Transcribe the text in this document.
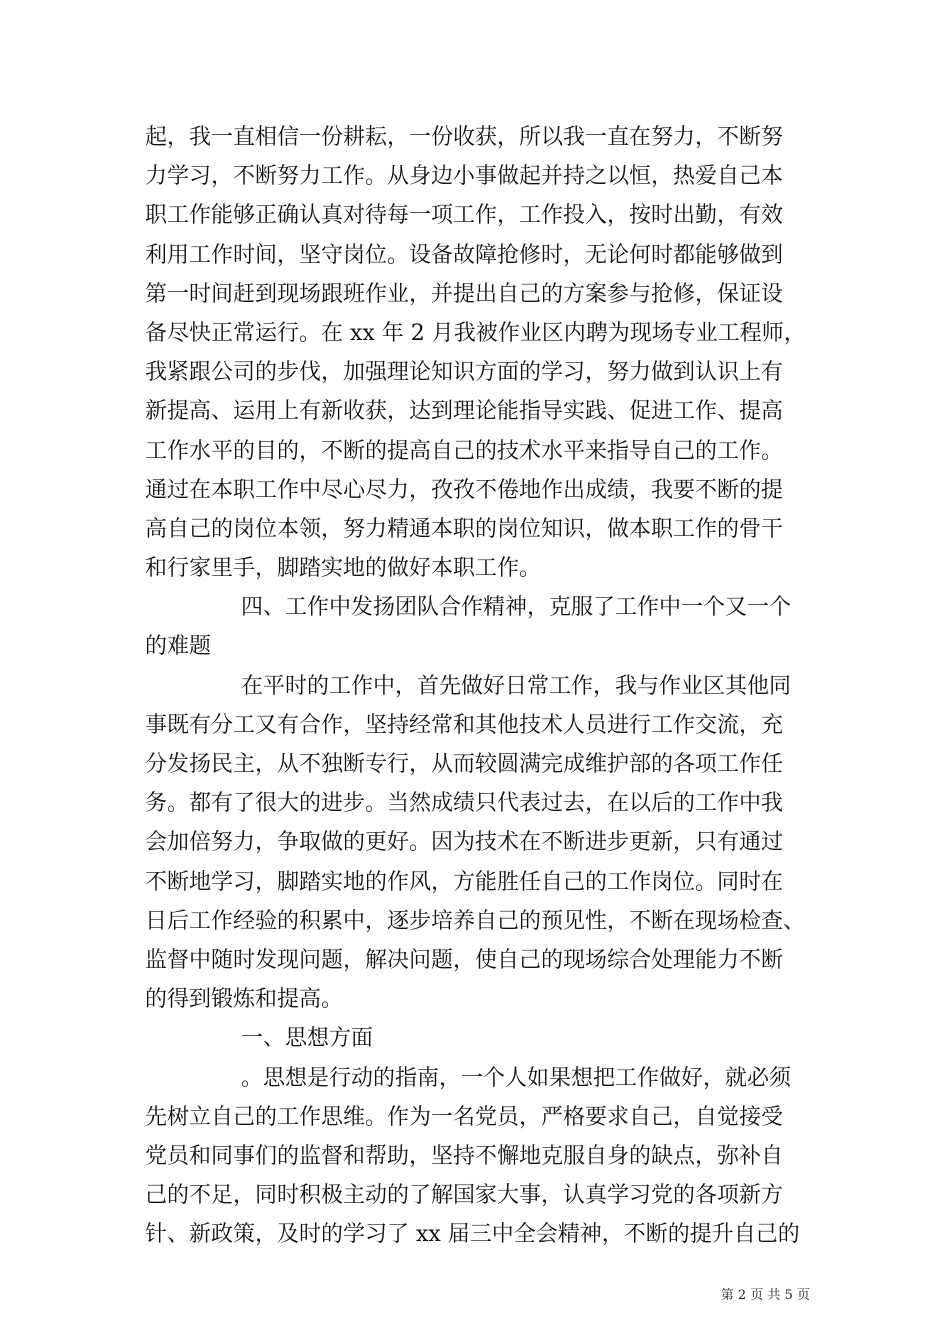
起，我一直相信一份耕耘，一份收获，所以我一直在努力，不断努
力学习，不断努力工作。从身边小事做起并持之以恒，热爱自己本
职工作能够正确认真对待每一项工作，工作投入，按时出勤，有效
利用工作时间，坚守岗位。设备故障抢修时，无论何时都能够做到
第一时间赶到现场跟班作业，并提出自己的方案参与抢修，保证设
备尽快正常运行。在 xx 年 2 月我被作业区内聘为现场专业工程师，
我紧跟公司的步伐，加强理论知识方面的学习，努力做到认识上有
新提高、运用上有新收获，达到理论能指导实践、促进工作、提高
工作水平的目的，不断的提高自己的技术水平来指导自己的工作。
通过在本职工作中尽心尽力，孜孜不倦地作出成绩，我要不断的提
高自己的岗位本领，努力精通本职的岗位知识，做本职工作的骨干
和行家里手，脚踏实地的做好本职工作。
四、工作中发扬团队合作精神，克服了工作中一个又一个
的难题
在平时的工作中，首先做好日常工作，我与作业区其他同
事既有分工又有合作，坚持经常和其他技术人员进行工作交流，充
分发扬民主，从不独断专行，从而较圆满完成维护部的各项工作任
务。都有了很大的进步。当然成绩只代表过去，在以后的工作中我
会加倍努力，争取做的更好。因为技术在不断进步更新，只有通过
不断地学习，脚踏实地的作风，方能胜任自己的工作岗位。同时在
日后工作经验的积累中，逐步培养自己的预见性，不断在现场检查、
监督中随时发现问题，解决问题，使自己的现场综合处理能力不断
的得到锻炼和提高。
一、思想方面
。思想是行动的指南，一个人如果想把工作做好，就必须
先树立自己的工作思维。作为一名党员，严格要求自己，自觉接受
党员和同事们的监督和帮助，坚持不懈地克服自身的缺点，弥补自
己的不足，同时积极主动的了解国家大事，认真学习党的各项新方
针、新政策，及时的学习了 xx 届三中全会精神，不断的提升自己的
第 2 页 共 5 页
